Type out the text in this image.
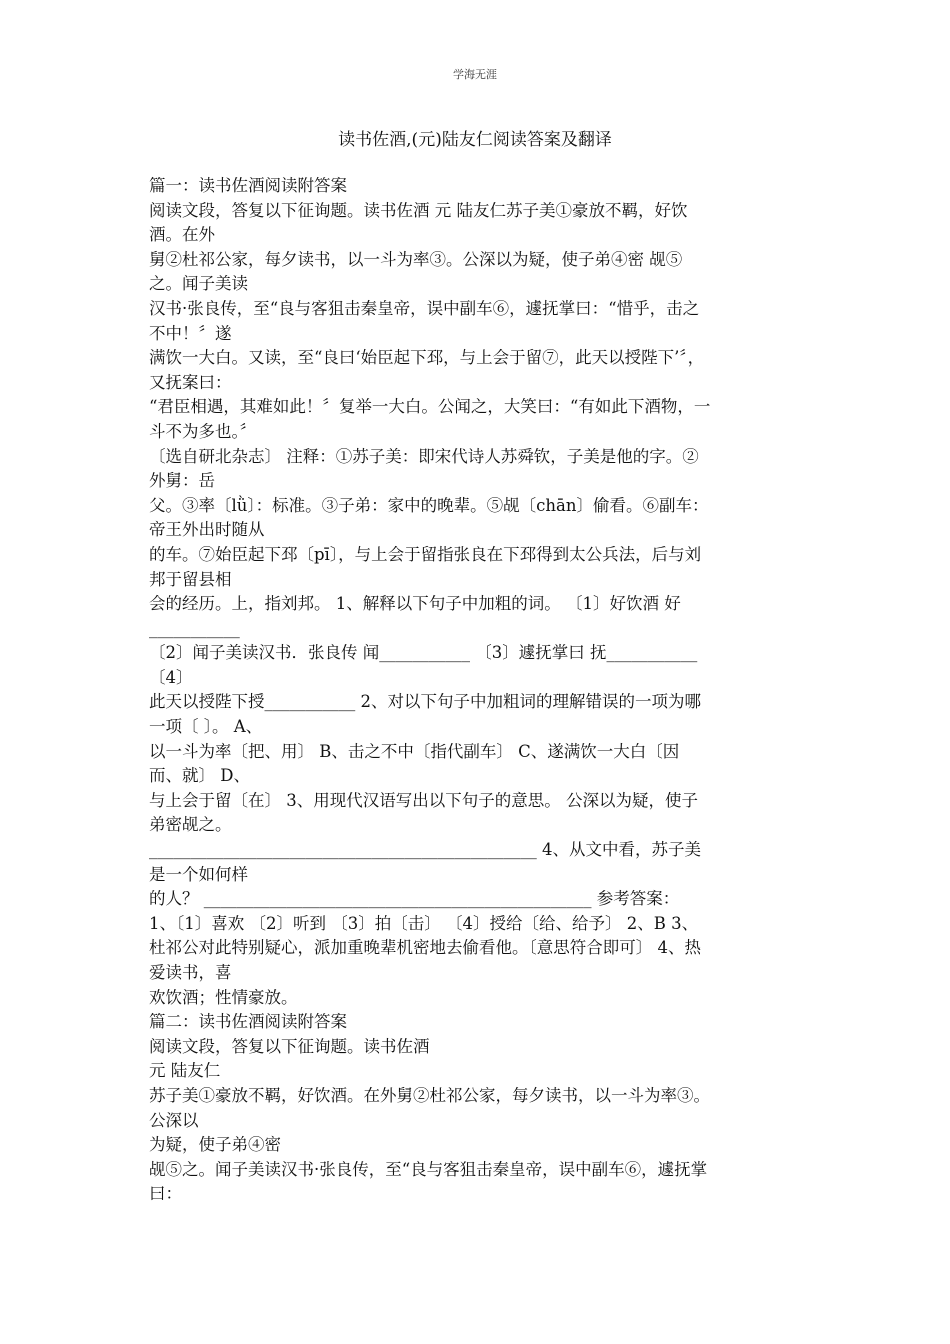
学海无涯
读书佐酒,(元)陆友仁阅读答案及翻译
篇一：读书佐酒阅读附答案
阅读文段，答复以下征询题。读书佐酒 元 陆友仁苏子美①豪放不羁，好饮
酒。在外
舅②杜祁公家，每夕读书，以一斗为率③。公深以为疑，使子弟④密 觇⑤
之。闻子美读
汉书·张良传，至“良与客狙击秦皇帝，误中副车⑥，遽抚掌曰：“惜乎，击之
不中！〞遂
满饮一大白。又读，至“良曰‘始臣起下邳，与上会于留⑦，此天以授陛下’〞，
又抚案曰：
“君臣相遇，其难如此！〞复举一大白。公闻之，大笑曰：“有如此下酒物，一
斗不为多也。〞
〔选自研北杂志〕 注释：①苏子美：即宋代诗人苏舜钦，子美是他的字。②
外舅：岳
父。③率〔lǜ〕：标准。③子弟：家中的晚辈。⑤觇〔chān〕偷看。⑥副车：
帝王外出时随从
的车。⑦始臣起下邳〔pī〕，与上会于留指张良在下邳得到太公兵法，后与刘
邦于留县相
会的经历。上，指刘邦。 1、解释以下句子中加粗的词。 〔1〕好饮酒 好
___________
〔2〕闻子美读汉书．张良传 闻___________ 〔3〕遽抚掌曰 抚___________
〔4〕
此天以授陛下授___________ 2、对以下句子中加粗词的理解错误的一项为哪
一项〔 〕。 A、
以一斗为率〔把、用〕 B、击之不中〔指代副车〕 C、遂满饮一大白〔因
而、就〕 D、
与上会于留〔在〕 3、用现代汉语写出以下句子的意思。 公深以为疑，使子
弟密觇之。
_______________________________________________ 4、从文中看，苏子美
是一个如何样
的人？ _______________________________________________ 参考答案：
1、〔1〕喜欢 〔2〕听到 〔3〕拍〔击〕 〔4〕授给〔给、给予〕 2、B 3、
杜祁公对此特别疑心，派加重晚辈机密地去偷看他。〔意思符合即可〕 4、热
爱读书，喜
欢饮酒；性情豪放。
篇二：读书佐酒阅读附答案
阅读文段，答复以下征询题。读书佐酒
元 陆友仁
苏子美①豪放不羁，好饮酒。在外舅②杜祁公家，每夕读书，以一斗为率③。
公深以
为疑，使子弟④密
觇⑤之。闻子美读汉书·张良传，至“良与客狙击秦皇帝，误中副车⑥，遽抚掌
曰：
